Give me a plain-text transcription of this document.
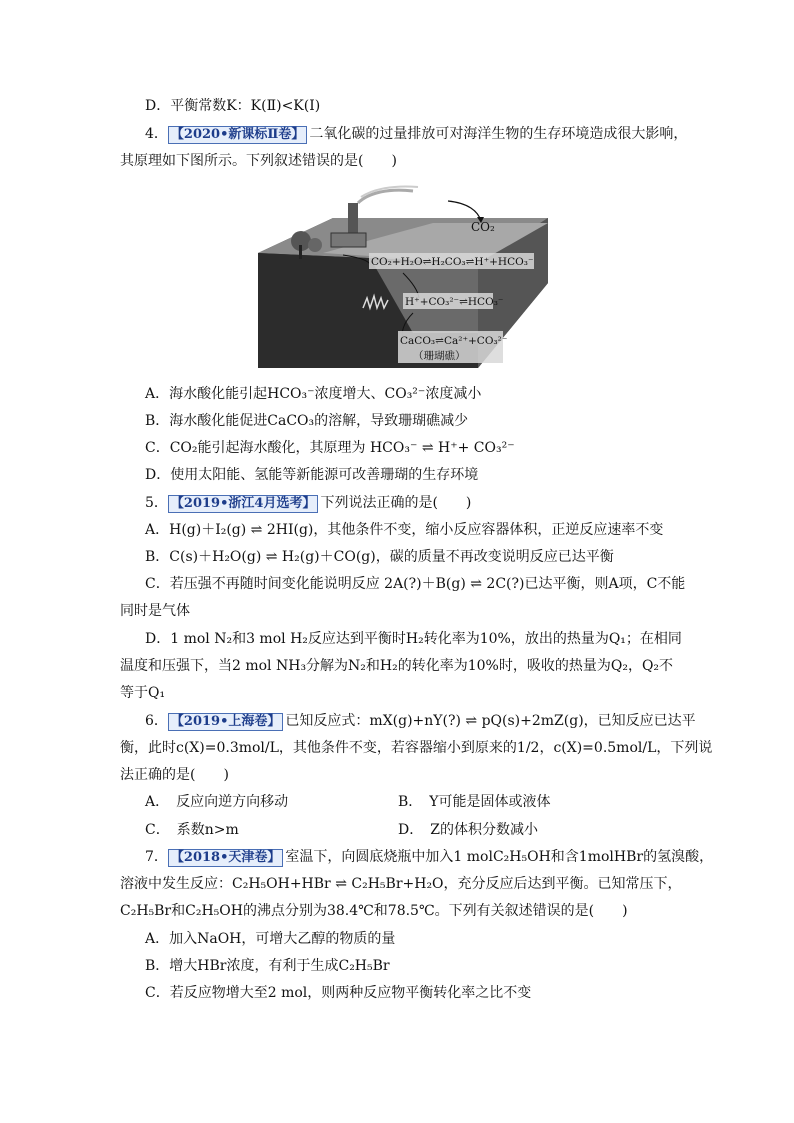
D．平衡常数K：K(Ⅱ)<K(Ⅰ)
4． 【2020•新课标Ⅱ卷】 二氧化碳的过量排放可对海洋生物的生存环境造成很大影响，
其原理如下图所示。下列叙述错误的是(　　)
CO₂
CO₂+H₂O⇌H₂CO₃⇌H⁺+HCO₃⁻
H⁺+CO₃²⁻⇌HCO₃⁻
CaCO₃⇌Ca²⁺+CO₃²⁻
（珊瑚礁）
A．海水酸化能引起HCO₃⁻浓度增大、CO₃²⁻浓度减小
B．海水酸化能促进CaCO₃的溶解，导致珊瑚礁减少
C．CO₂能引起海水酸化，其原理为 HCO₃⁻ ⇌ H⁺+ CO₃²⁻
D．使用太阳能、氢能等新能源可改善珊瑚的生存环境
5． 【2019•浙江4月选考】 下列说法正确的是(　　)
A．H(g)＋I₂(g) ⇌ 2HI(g)，其他条件不变，缩小反应容器体积，正逆反应速率不变
B．C(s)＋H₂O(g) ⇌ H₂(g)＋CO(g)，碳的质量不再改变说明反应已达平衡
C．若压强不再随时间变化能说明反应 2A(?)＋B(g) ⇌ 2C(?)已达平衡，则A项，C不能
同时是气体
D．1 mol N₂和3 mol H₂反应达到平衡时H₂转化率为10%，放出的热量为Q₁；在相同
温度和压强下，当2 mol NH₃分解为N₂和H₂的转化率为10%时，吸收的热量为Q₂，Q₂不
等于Q₁
6． 【2019•上海卷】 已知反应式：mX(g)+nY(?) ⇌ pQ(s)+2mZ(g)，已知反应已达平
衡，此时c(X)=0.3mol/L，其他条件不变，若容器缩小到原来的1/2，c(X)=0.5mol/L，下列说
法正确的是(　　)
A．　反应向逆方向移动	B．　Y可能是固体或液体
C．　系数n>m	D．　Z的体积分数减小
7． 【2018•天津卷】 室温下，向圆底烧瓶中加入1 molC₂H₅OH和含1molHBr的氢溴酸，
溶液中发生反应：C₂H₅OH+HBr ⇌ C₂H₅Br+H₂O，充分反应后达到平衡。已知常压下，
C₂H₅Br和C₂H₅OH的沸点分别为38.4℃和78.5℃。下列有关叙述错误的是(　　)
A．加入NaOH，可增大乙醇的物质的量
B．增大HBr浓度，有利于生成C₂H₅Br
C．若反应物增大至2 mol，则两种反应物平衡转化率之比不变
